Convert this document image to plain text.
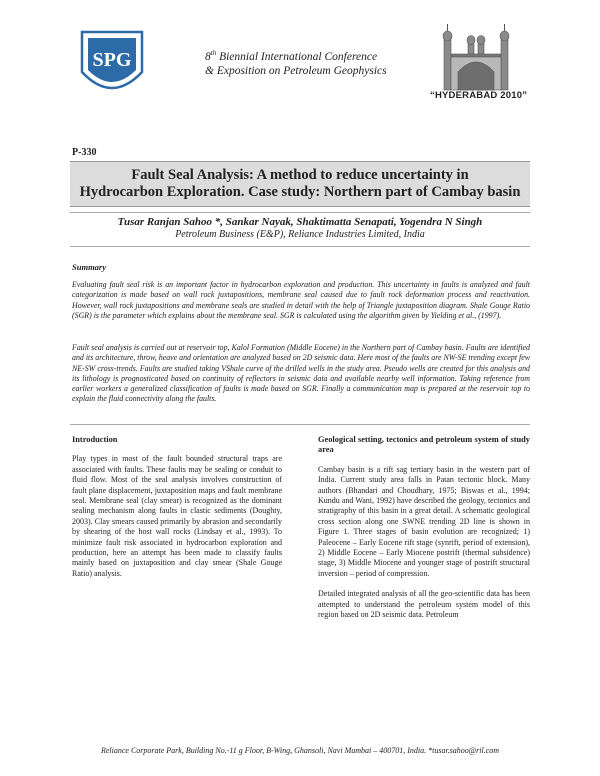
SPG	8th Biennial International Conference
& Exposition on Petroleum Geophysics
“HYDERABAD 2010”
P-330
Fault Seal Analysis: A method to reduce uncertainty in
Hydrocarbon Exploration. Case study: Northern part of Cambay basin
Tusar Ranjan Sahoo *, Sankar Nayak, Shaktimatta Senapati, Yogendra N Singh
Petroleum Business (E&P), Reliance Industries Limited, India
Summary
Evaluating fault seal risk is an important factor in hydrocarbon exploration and production. This uncertainty in faults is analyzed and fault categorization is made based on wall rock juxtapositions, membrane seal caused due to fault rock deformation process and reactivation. However, wall rock juxtapositions and membrane seals are studied in detail with the help of Triangle juxtaposition diagram. Shale Gouge Ratio (SGR) is the parameter which explains about the membrane seal. SGR is calculated using the algorithm given by Yielding et al., (1997).
Fault seal analysis is carried out at reservoir top, Kalol Formation (Middle Eocene) in the Northern part of Cambay basin. Faults are identified and its architecture, throw, heave and orientation are analyzed based on 2D seismic data. Here most of the faults are NW-SE trending except few NE-SW cross-trends. Faults are studied taking VShale curve of the drilled wells in the study area. Pseudo wells are created for this analysis and its lithology is prognosticated based on continuity of reflectors in seismic data and available nearby well information. Taking reference from earlier workers a generalized classification of faults is made based on SGR. Finally a communication map is prepared at the reservoir top to explain the fluid connectivity along the faults.
Introduction

Play types in most of the fault bounded structural traps are associated with faults. These faults may be sealing or conduit to fluid flow. Most of the seal analysis involves construction of fault plane displacement, juxtaposition maps and fault membrane seal. Membrane seal (clay smear) is recognized as the dominant sealing mechanism along faults in clastic sediments (Doughty, 2003). Clay smears caused primarily by abrasion and secondarily by shearing of the host wall rocks (Lindsay et al., 1993). To minimize fault risk associated in hydrocarbon exploration and production, here an attempt has been made to classify faults mainly based on juxtaposition and clay smear (Shale Gouge Ratio) analysis.

Geological setting, tectonics and petroleum system of study area

Cambay basin is a rift sag tertiary basin in the western part of India. Current study area falls in Patan tectonic block. Many authors (Bhandari and Choudhary, 1975; Biswas et al., 1994; Kundu and Wani, 1992) have described the geology, tectonics and stratigraphy of this basin in a great detail. A schematic geological cross section along one SWNE trending 2D line is shown in Figure 1. Three stages of basin evolution are recognized; 1) Paleocene – Early Eocene rift stage (synrift, period of extension), 2) Middle Eocene – Early Miocene postrift (thermal subsidence) stage, 3) Middle Miocene and younger stage of postrift structural inversion – period of compression.

Detailed integrated analysis of all the geo-scientific data has been attempted to understand the petroleum system model of this region based on 2D seismic data. Petroleum

Reliance Corporate Park, Building No.-11 g Floor, B-Wing, Ghansoli, Navi Mumbai – 400701, India. *tusar.sahoo@ril.com
